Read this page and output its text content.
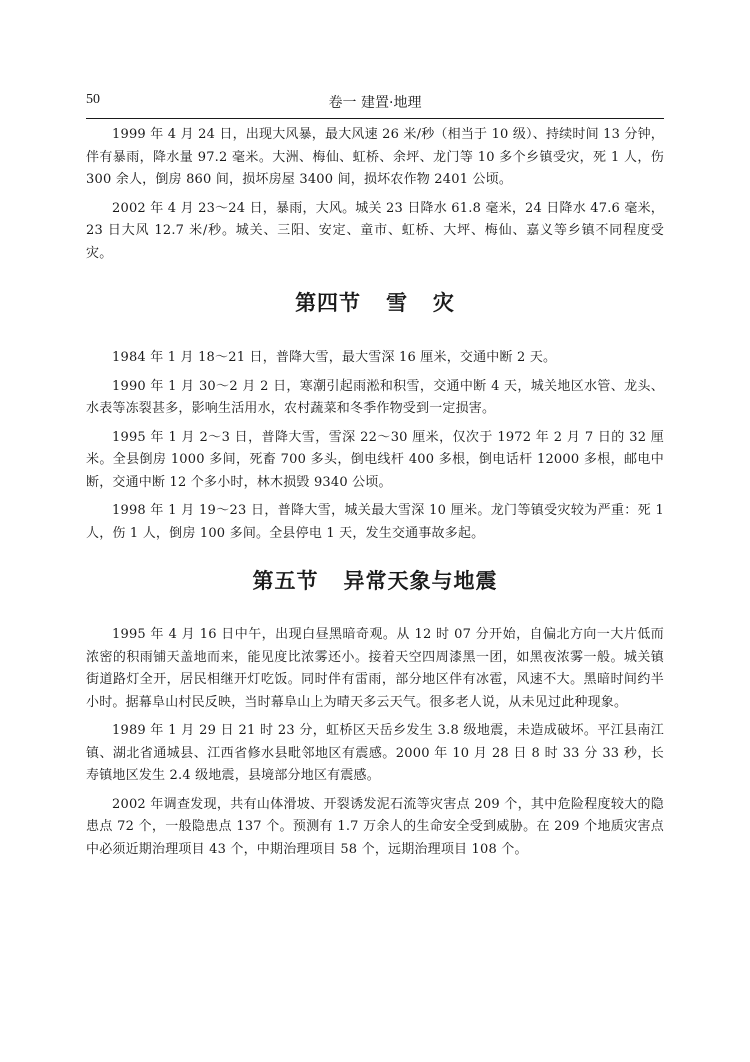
50	卷一 建置·地理

1999 年 4 月 24 日，出现大风暴，最大风速 26 米/秒（相当于 10 级）、持续时间 13 分钟，伴有暴雨，降水量 97.2 毫米。大洲、梅仙、虹桥、余坪、龙门等 10 多个乡镇受灾，死 1 人，伤 300 余人，倒房 860 间，损坏房屋 3400 间，损坏农作物 2401 公顷。

2002 年 4 月 23～24 日，暴雨，大风。城关 23 日降水 61.8 毫米，24 日降水 47.6 毫米，23 日大风 12.7 米/秒。城关、三阳、安定、童市、虹桥、大坪、梅仙、嘉义等乡镇不同程度受灾。

第四节   雪   灾

1984 年 1 月 18～21 日，普降大雪，最大雪深 16 厘米，交通中断 2 天。

1990 年 1 月 30～2 月 2 日，寒潮引起雨淞和积雪，交通中断 4 天，城关地区水管、龙头、水表等冻裂甚多，影响生活用水，农村蔬菜和冬季作物受到一定损害。

1995 年 1 月 2～3 日，普降大雪，雪深 22～30 厘米，仅次于 1972 年 2 月 7 日的 32 厘米。全县倒房 1000 多间，死畜 700 多头，倒电线杆 400 多根，倒电话杆 12000 多根，邮电中断，交通中断 12 个多小时，林木损毁 9340 公顷。

1998 年 1 月 19～23 日，普降大雪，城关最大雪深 10 厘米。龙门等镇受灾较为严重：死 1 人，伤 1 人，倒房 100 多间。全县停电 1 天，发生交通事故多起。

第五节   异常天象与地震

1995 年 4 月 16 日中午，出现白昼黑暗奇观。从 12 时 07 分开始，自偏北方向一大片低而浓密的积雨铺天盖地而来，能见度比浓雾还小。接着天空四周漆黑一团，如黑夜浓雾一般。城关镇街道路灯全开，居民相继开灯吃饭。同时伴有雷雨，部分地区伴有冰雹，风速不大。黑暗时间约半小时。据幕阜山村民反映，当时幕阜山上为晴天多云天气。很多老人说，从未见过此种现象。

1989 年 1 月 29 日 21 时 23 分，虹桥区天岳乡发生 3.8 级地震，未造成破坏。平江县南江镇、湖北省通城县、江西省修水县毗邻地区有震感。2000 年 10 月 28 日 8 时 33 分 33 秒，长寿镇地区发生 2.4 级地震，县境部分地区有震感。

2002 年调查发现，共有山体滑坡、开裂诱发泥石流等灾害点 209 个，其中危险程度较大的隐患点 72 个，一般隐患点 137 个。预测有 1.7 万余人的生命安全受到威胁。在 209 个地质灾害点中必须近期治理项目 43 个，中期治理项目 58 个，远期治理项目 108 个。
